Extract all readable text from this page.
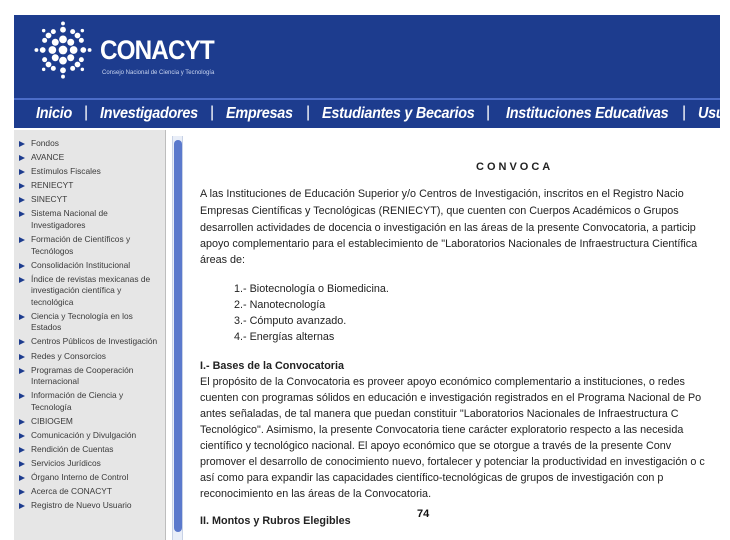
CONACYT
Consejo Nacional de Ciencia y Tecnología
Inicio | Investigadores | Empresas | Estudiantes y Becarios | Instituciones Educativas | Usu
Fondos
AVANCE
Estímulos Fiscales
RENIECYT
SINECYT
Sistema Nacional de Investigadores
Formación de Científicos y Tecnólogos
Consolidación Institucional
Índice de revistas mexicanas de investigación científica y tecnológica
Ciencia y Tecnología en los Estados
Centros Públicos de Investigación
Redes y Consorcios
Programas de Cooperación Internacional
Información de Ciencia y Tecnología
CIBIOGEM
Comunicación y Divulgación
Rendición de Cuentas
Servicios Jurídicos
Órgano Interno de Control
Acerca de CONACYT
Registro de Nuevo Usuario
CONVOCA
A las Instituciones de Educación Superior y/o Centros de Investigación, inscritos en el Registro Nacio
Empresas Científicas y Tecnológicas (RENIECYT), que cuenten con Cuerpos Académicos o Grupos
desarrollen actividades de docencia o investigación en las áreas de la presente Convocatoria, a particip
apoyo complementario para el establecimiento de "Laboratorios Nacionales de Infraestructura Científica
áreas de:
1.- Biotecnología o Biomedicina.
2.- Nanotecnología
3.- Cómputo avanzado.
4.- Energías alternas
I.- Bases de la Convocatoria
El propósito de la Convocatoria es proveer apoyo económico complementario a instituciones, o redes
cuenten con programas sólidos en educación e investigación registrados en el Programa Nacional de Po
antes señaladas, de tal manera que puedan constituir "Laboratorios Nacionales de Infraestructura C
Tecnológico". Asimismo, la presente Convocatoria tiene carácter exploratorio respecto a las necesida
científico y tecnológico nacional. El apoyo económico que se otorgue a través de la presente Conv
promover el desarrollo de conocimiento nuevo, fortalecer y potenciar la productividad en investigación o c
así como para expandir las capacidades científico-tecnológicas de grupos de investigación con p
reconocimiento en las áreas de la Convocatoria.
II. Montos y Rubros Elegibles
74
